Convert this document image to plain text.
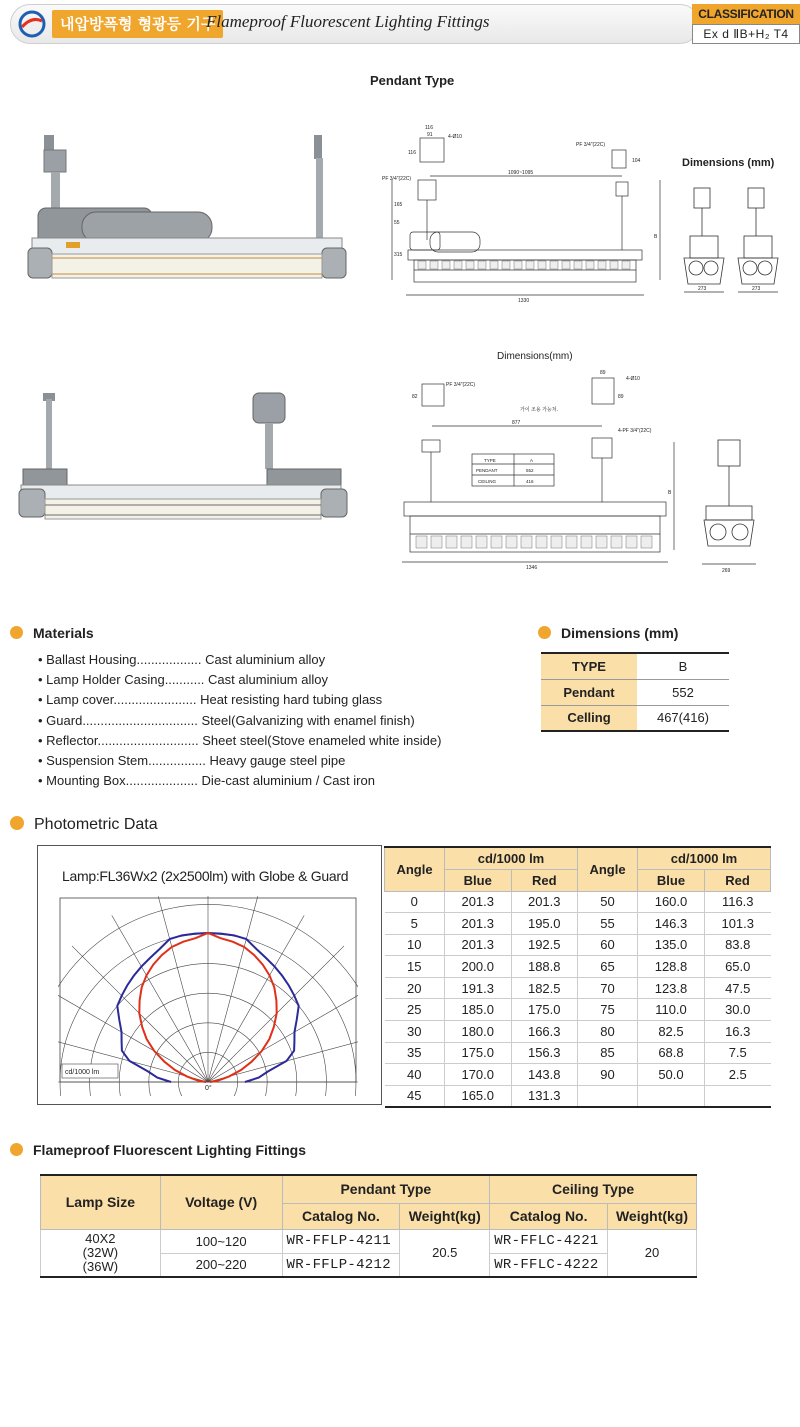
내압방폭형 형광등 기구
Flameproof Fluorescent Lighting Fittings	CLASSIFICATION
Ex d ⅡB+H₂ T4
Pendant Type
116
91	4-Ø10
116
PF 3/4"(22C)
104
PF 3/4"(22C)
1090~1095
165
55
315
B
1330
Dimensions (mm)
273	273
Dimensions(mm)
PF 3/4"(22C)
82
89
4-Ø10
89
가이 조용 가능처.
877
4-PF 3/4"(22C)
B
1346
TYPE	A
PENDANT	552
CEILING	416
269
Materials
• Ballast Housing.................. Cast aluminium alloy
• Lamp Holder Casing........... Cast aluminium alloy
• Lamp cover....................... Heat resisting hard tubing glass
• Guard................................ Steel(Galvanizing with enamel finish)
• Reflector............................ Sheet steel(Stove enameled white inside)
• Suspension Stem................ Heavy gauge steel pipe
• Mounting Box.................... Die-cast aluminium / Cast iron
Dimensions (mm)
TYPE	B
Pendant	552
Celling	467(416)
Photometric Data
Lamp:FL36Wx2 (2x2500lm) with Globe & Guard
cd/1000 lm
0°
Angle	cd/1000 lm		Angle	cd/1000 lm	
	Blue	Red		Blue	Red
0	201.3	201.3	50	160.0	116.3
5	201.3	195.0	55	146.3	101.3
10	201.3	192.5	60	135.0	83.8
15	200.0	188.8	65	128.8	65.0
20	191.3	182.5	70	123.8	47.5
25	185.0	175.0	75	110.0	30.0
30	180.0	166.3	80	82.5	16.3
35	175.0	156.3	85	68.8	7.5
40	170.0	143.8	90	50.0	2.5
45	165.0	131.3			
Flameproof Fluorescent Lighting Fittings
Lamp Size	Voltage (V)	Pendant Type		Ceiling Type	
		Catalog No.	Weight(kg)	Catalog No.	Weight(kg)
40X2
(32W)
(36W)	100~120	WR-FFLP-4211	20.5	WR-FFLC-4221	20
	200~220	WR-FFLP-4212		WR-FFLC-4222	
